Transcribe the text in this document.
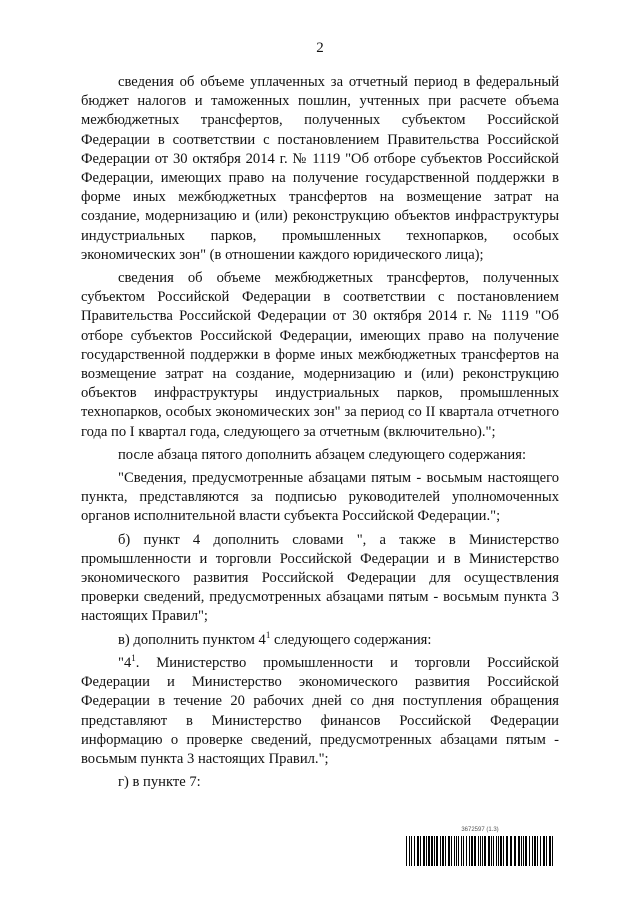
2

сведения об объеме уплаченных за отчетный период в федеральный бюджет налогов и таможенных пошлин, учтенных при расчете объема межбюджетных трансфертов, полученных субъектом Российской Федерации в соответствии с постановлением Правительства Российской Федерации от 30 октября 2014 г. № 1119 "Об отборе субъектов Российской Федерации, имеющих право на получение государственной поддержки в форме иных межбюджетных трансфертов на возмещение затрат на создание, модернизацию и (или) реконструкцию объектов инфраструктуры индустриальных парков, промышленных технопарков, особых экономических зон" (в отношении каждого юридического лица);

сведения об объеме межбюджетных трансфертов, полученных субъектом Российской Федерации в соответствии с постановлением Правительства Российской Федерации от 30 октября 2014 г. № 1119 "Об отборе субъектов Российской Федерации, имеющих право на получение государственной поддержки в форме иных межбюджетных трансфертов на возмещение затрат на создание, модернизацию и (или) реконструкцию объектов инфраструктуры индустриальных парков, промышленных технопарков, особых экономических зон" за период со II квартала отчетного года по I квартал года, следующего за отчетным (включительно).";

после абзаца пятого дополнить абзацем следующего содержания:

"Сведения, предусмотренные абзацами пятым - восьмым настоящего пункта, представляются за подписью руководителей уполномоченных органов исполнительной власти субъекта Российской Федерации.";

б) пункт 4 дополнить словами ", а также в Министерство промышленности и торговли Российской Федерации и в Министерство экономического развития Российской Федерации для осуществления проверки сведений, предусмотренных абзацами пятым - восьмым пункта 3 настоящих Правил";

в) дополнить пунктом $4^1$ следующего содержания:

"$4^1$. Министерство промышленности и торговли Российской Федерации и Министерство экономического развития Российской Федерации в течение 20 рабочих дней со дня поступления обращения представляют в Министерство финансов Российской Федерации информацию о проверке сведений, предусмотренных абзацами пятым - восьмым пункта 3 настоящих Правил.";

г) в пункте 7:

3672597 (1.3)
